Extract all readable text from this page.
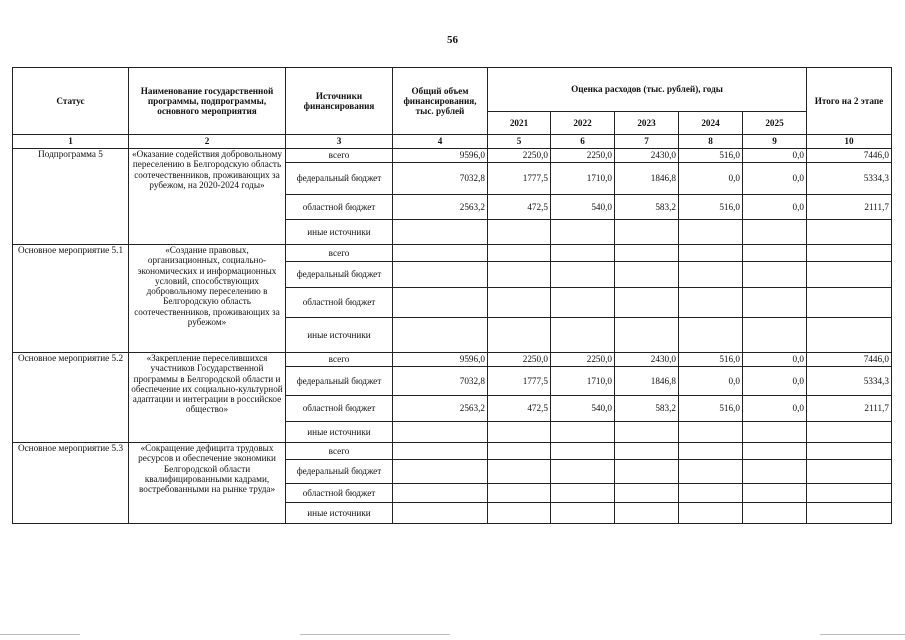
56
Статус	Наименование государственной программы, подпрограммы, основного мероприятия	Источники финансирования	Общий объем финансирования, тыс. рублей	Оценка расходов (тыс. рублей), годы					Итого на 2 этапе
				2021	2022	2023	2024	2025	
1	2	3	4	5	6	7	8	9	10
Подпрограмма 5	«Оказание содействия добровольному переселению в Белгородскую область соотечественников, проживающих за рубежом, на 2020-2024 годы»	всего	9596,0	2250,0	2250,0	2430,0	516,0	0,0	7446,0
		федеральный бюджет	7032,8	1777,5	1710,0	1846,8	0,0	0,0	5334,3
		областной бюджет	2563,2	472,5	540,0	583,2	516,0	0,0	2111,7
		иные источники							
Основное мероприятие 5.1	«Создание правовых, организационных, социально-экономических и информационных условий, способствующих добровольному переселению в Белгородскую область соотечественников, проживающих за рубежом»	всего							
		федеральный бюджет							
		областной бюджет							
		иные источники							
Основное мероприятие 5.2	«Закрепление переселившихся участников Государственной программы в Белгородской области и обеспечение их социально-культурной адаптации и интеграции в российское общество»	всего	9596,0	2250,0	2250,0	2430,0	516,0	0,0	7446,0
		федеральный бюджет	7032,8	1777,5	1710,0	1846,8	0,0	0,0	5334,3
		областной бюджет	2563,2	472,5	540,0	583,2	516,0	0,0	2111,7
		иные источники							
Основное мероприятие 5.3	«Сокращение дефицита трудовых ресурсов и обеспечение экономики Белгородской области квалифицированными кадрами, востребованными на рынке труда»	всего							
		федеральный бюджет							
		областной бюджет							
		иные источники							
